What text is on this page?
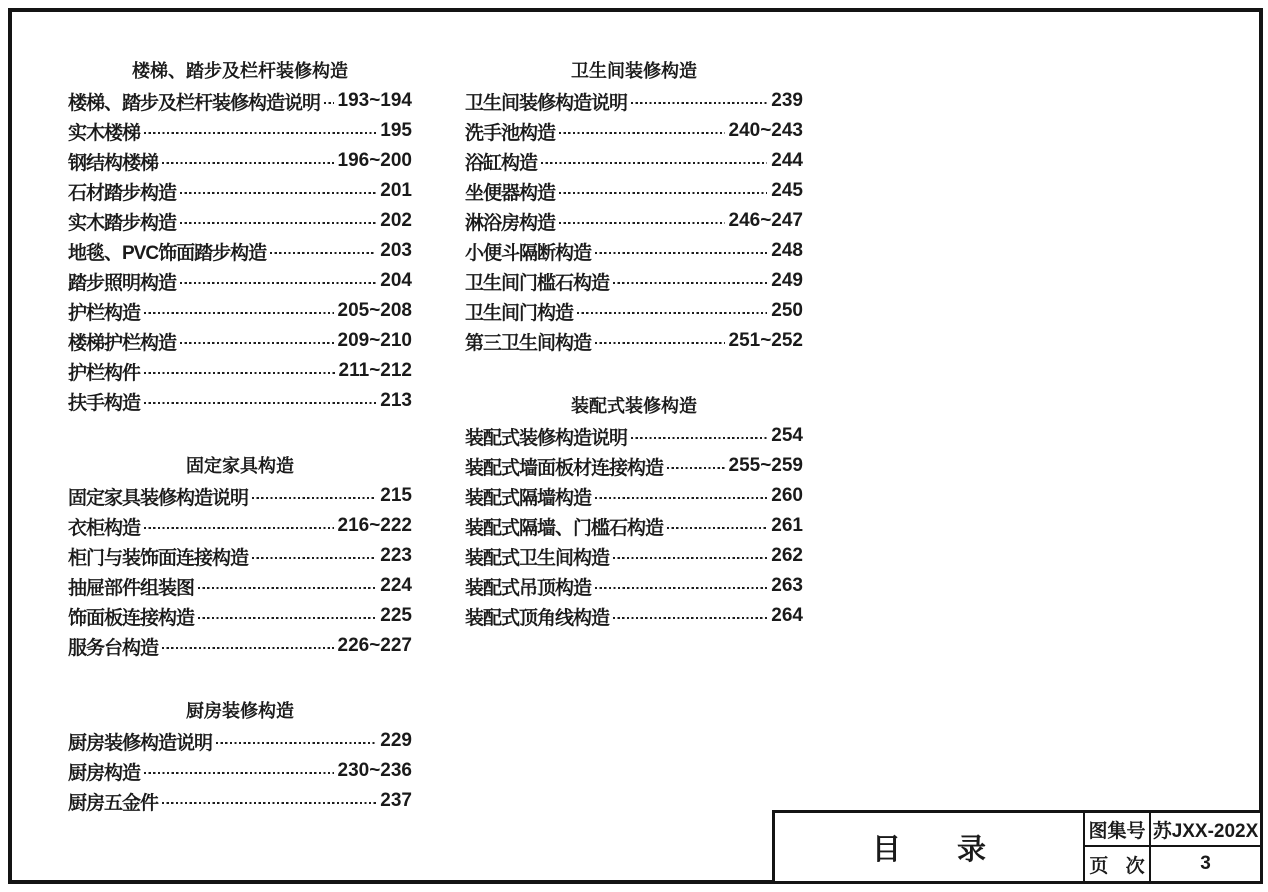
楼梯、踏步及栏杆装修构造
楼梯、踏步及栏杆装修构造说明 193~194
实木楼梯	195
钢结构楼梯	196~200
石材踏步构造	201
实木踏步构造	202
地毯、PVC饰面踏步构造	203
踏步照明构造	204
护栏构造	205~208
楼梯护栏构造	209~210
护栏构件	211~212
扶手构造	213
固定家具构造
固定家具装修构造说明	215
衣柜构造	216~222
柜门与装饰面连接构造	223
抽屉部件组装图	224
饰面板连接构造	225
服务台构造	226~227
厨房装修构造
厨房装修构造说明	229
厨房构造	230~236
厨房五金件	237
卫生间装修构造
卫生间装修构造说明	239
洗手池构造	240~243
浴缸构造	244
坐便器构造	245
淋浴房构造	246~247
小便斗隔断构造	248
卫生间门槛石构造	249
卫生间门构造	250
第三卫生间构造	251~252
装配式装修构造
装配式装修构造说明	254
装配式墙面板材连接构造	255~259
装配式隔墙构造	260
装配式隔墙、门槛石构造	261
装配式卫生间构造	262
装配式吊顶构造	263
装配式顶角线构造	264
目 录
图集号 苏JXX-202X
页 次	3
